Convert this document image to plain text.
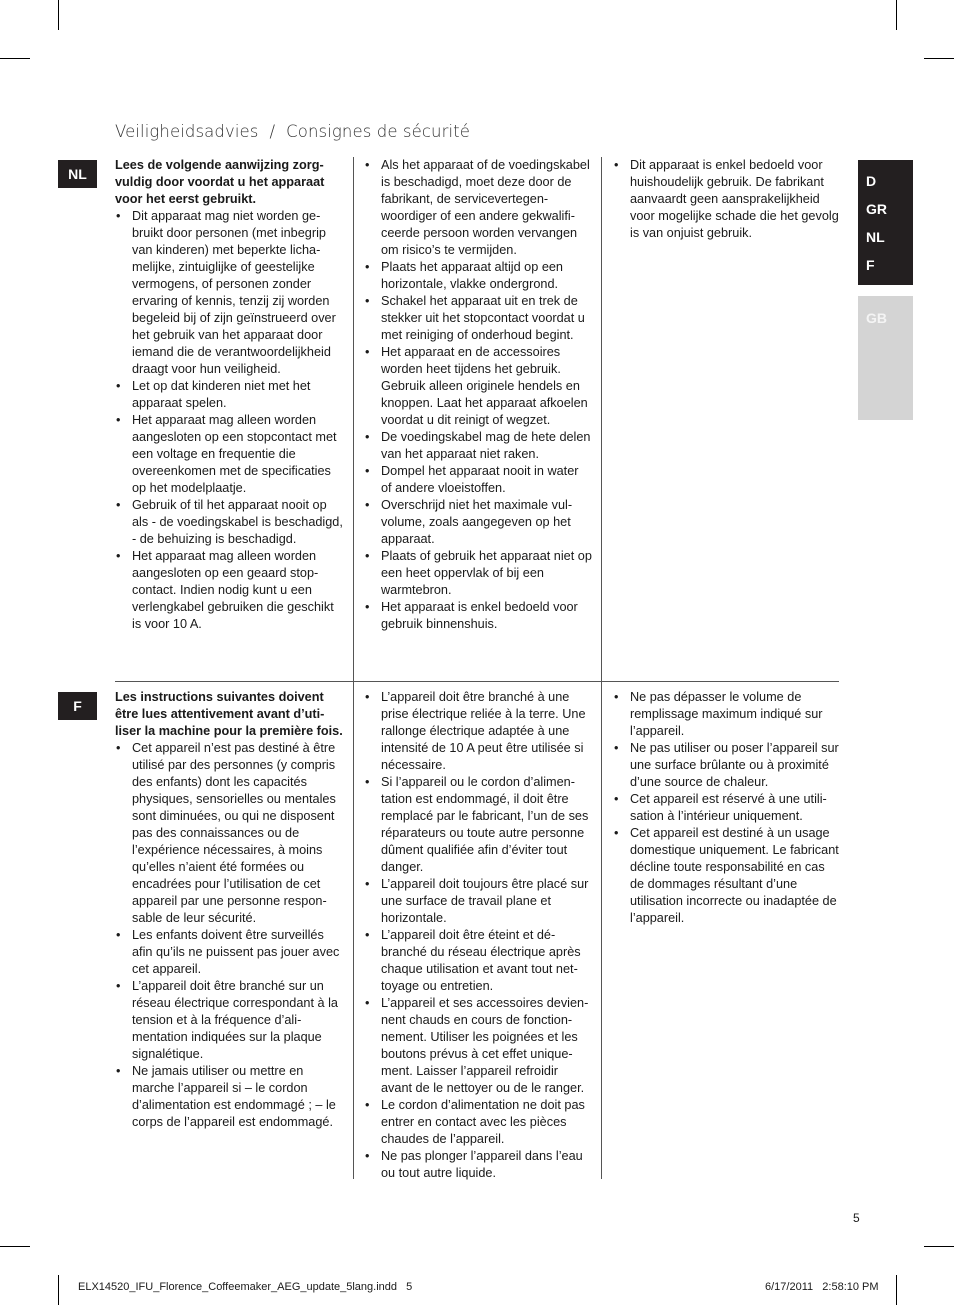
Veiligheidsadvies / Consignes de sécurité
D
GR
NL
F
GB
NL

Lees de volgende aanwijzing zorgvuldig door voordat u het apparaat voor het eerst gebruikt.

• Dit apparaat mag niet worden gebruikt door personen (met inbegrip van kinderen) met beperkte lichamelijke, zintuiglijke of geestelijke vermogens, of personen zonder ervaring of kennis, tenzij zij worden begeleid bij of zijn geïnstrueerd over het gebruik van het apparaat door iemand die de verantwoordelijkheid draagt voor hun veiligheid.
• Let op dat kinderen niet met het apparaat spelen.
• Het apparaat mag alleen worden aangesloten op een stopcontact met een voltage en frequentie die overeenkomen met de specificaties op het modelplaatje.
• Gebruik of til het apparaat nooit op als - de voedingskabel is beschadigd, - de behuizing is beschadigd.
• Het apparaat mag alleen worden aangesloten op een geaard stopcontact. Indien nodig kunt u een verlengkabel gebruiken die geschikt is voor 10 A.
• Als het apparaat of de voedingskabel is beschadigd, moet deze door de fabrikant, de servicevertegenwoordiger of een andere gekwalificeerde persoon worden vervangen om risico’s te vermijden.
• Plaats het apparaat altijd op een horizontale, vlakke ondergrond.
• Schakel het apparaat uit en trek de stekker uit het stopcontact voordat u met reiniging of onderhoud begint.
• Het apparaat en de accessoires worden heet tijdens het gebruik. Gebruik alleen originele hendels en knoppen. Laat het apparaat afkoelen voordat u dit reinigt of wegzet.
• De voedingskabel mag de hete delen van het apparaat niet raken.
• Dompel het apparaat nooit in water of andere vloeistoffen.
• Overschrijd niet het maximale vulvolume, zoals aangegeven op het apparaat.
• Plaats of gebruik het apparaat niet op een heet oppervlak of bij een warmtebron.
• Het apparaat is enkel bedoeld voor gebruik binnenshuis.
• Dit apparaat is enkel bedoeld voor huishoudelijk gebruik. De fabrikant aanvaardt geen aansprakelijkheid voor mogelijke schade die het gevolg is van onjuist gebruik.
F

Les instructions suivantes doivent être lues attentivement avant d’utiliser la machine pour la première fois.

• Cet appareil n’est pas destiné à être utilisé par des personnes (y compris des enfants) dont les capacités physiques, sensorielles ou mentales sont diminuées, ou qui ne disposent pas des connaissances ou de l’expérience nécessaires, à moins qu’elles n’aient été formées ou encadrées pour l’utilisation de cet appareil par une personne responsable de leur sécurité.
• Les enfants doivent être surveillés afin qu’ils ne puissent pas jouer avec cet appareil.
• L’appareil doit être branché sur un réseau électrique correspondant à la tension et à la fréquence d’alimentation indiquées sur la plaque signalétique.
• Ne jamais utiliser ou mettre en marche l’appareil si – le cordon d’alimentation est endommagé ; – le corps de l’appareil est endommagé.
• L’appareil doit être branché à une prise électrique reliée à la terre. Une rallonge électrique adaptée à une intensité de 10 A peut être utilisée si nécessaire.
• Si l’appareil ou le cordon d’alimentation est endommagé, il doit être remplacé par le fabricant, l’un de ses réparateurs ou toute autre personne dûment qualifiée afin d’éviter tout danger.
• L’appareil doit toujours être placé sur une surface de travail plane et horizontale.
• L’appareil doit être éteint et débranché du réseau électrique après chaque utilisation et avant tout nettoyage ou entretien.
• L’appareil et ses accessoires deviennent chauds en cours de fonctionnement. Utiliser les poignées et les boutons prévus à cet effet uniquement. Laisser l’appareil refroidir avant de le nettoyer ou de le ranger.
• Le cordon d’alimentation ne doit pas entrer en contact avec les pièces chaudes de l’appareil.
• Ne pas plonger l’appareil dans l’eau ou tout autre liquide.
• Ne pas dépasser le volume de remplissage maximum indiqué sur l’appareil.
• Ne pas utiliser ou poser l’appareil sur une surface brûlante ou à proximité d’une source de chaleur.
• Cet appareil est réservé à une utilisation à l’intérieur uniquement.
• Cet appareil est destiné à un usage domestique uniquement. Le fabricant décline toute responsabilité en cas de dommages résultant d’une utilisation incorrecte ou inadaptée de l’appareil.
5
ELX14520_IFU_Florence_Coffeemaker_AEG_update_5lang.indd   5	6/17/2011   2:58:10 PM
